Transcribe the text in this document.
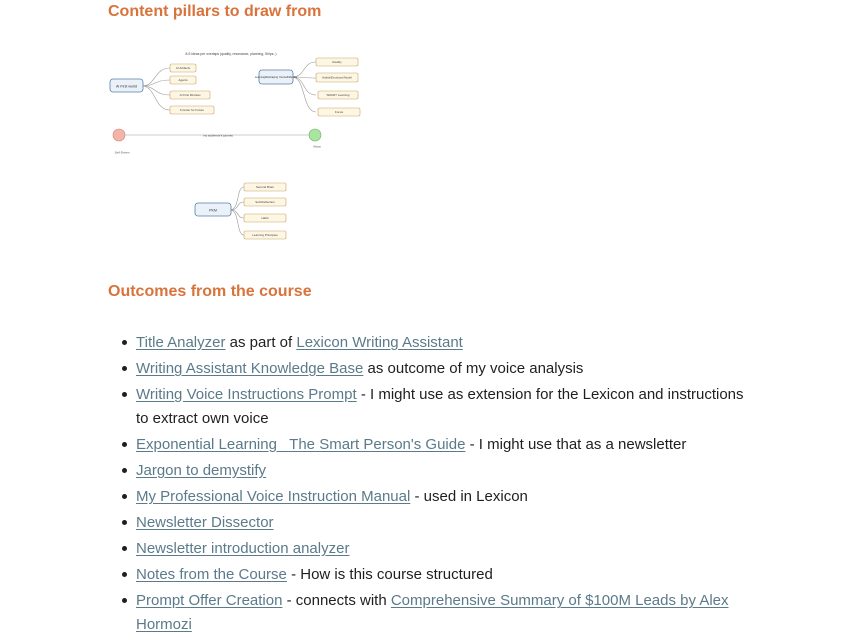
Content pillars to draw from
8-9 ideas per overlaps (quality, resonance, planning, Ships..)
AI First world
AI Artifacts
Agents
AI First Mindset
Frontier for Future
Learning/Reshaping Yourself/Identity
Reality
Habits/Emotional Model
SMART Learning
Focus
Self-Driven
my audience's journey
Vision
PKM
Second Brain
Self-Reflection
Habit
Learning Principles
Outcomes from the course
Title Analyzer as part of Lexicon Writing Assistant
Writing Assistant Knowledge Base as outcome of my voice analysis
Writing Voice Instructions Prompt - I might use as extension for the Lexicon and instructions to extract own voice
Exponential Learning_ The Smart Person's Guide - I might use that as a newsletter
Jargon to demystify
My Professional Voice Instruction Manual - used in Lexicon
Newsletter Dissector
Newsletter introduction analyzer
Notes from the Course - How is this course structured
Prompt Offer Creation - connects with Comprehensive Summary of $100M Leads by Alex Hormozi
